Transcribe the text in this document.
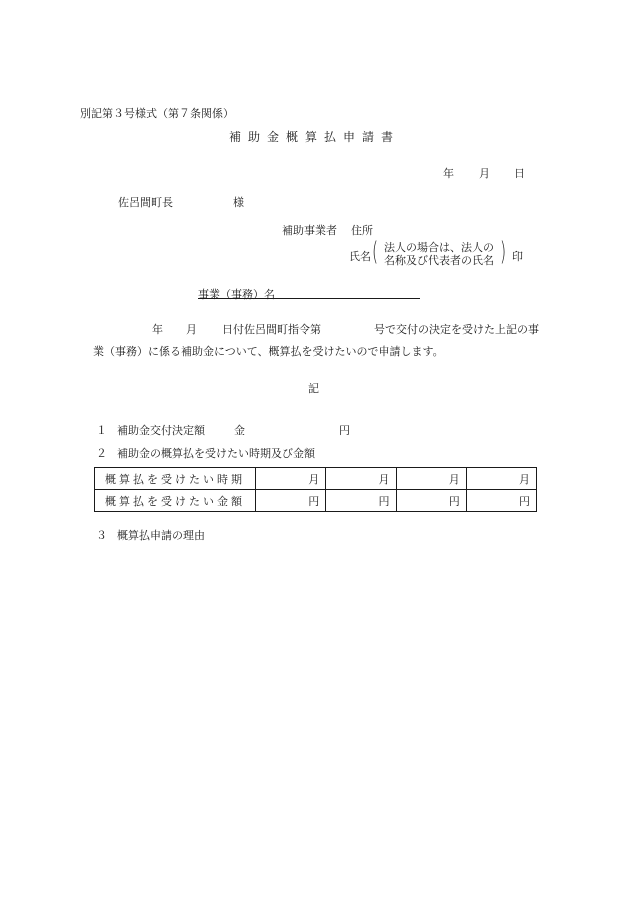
別記第３号様式（第７条関係）
補助金概算払申請書
年 月 日
佐呂間町長	様
補助事業者 住所
氏名 ( 法人の場合は、法人の
名称及び代表者の氏名 ) 印
事業（事務）名
年 月 日付佐呂間町指令第	号で交付の決定を受けた上記の事
業（事務）に係る補助金について、概算払を受けたいので申請します。
記
１ 補助金交付決定額	金	円
２ 補助金の概算払を受けたい時期及び金額
概算払を受けたい時期	月	月	月	月
概算払を受けたい金額	円	円	円	円
３ 概算払申請の理由
